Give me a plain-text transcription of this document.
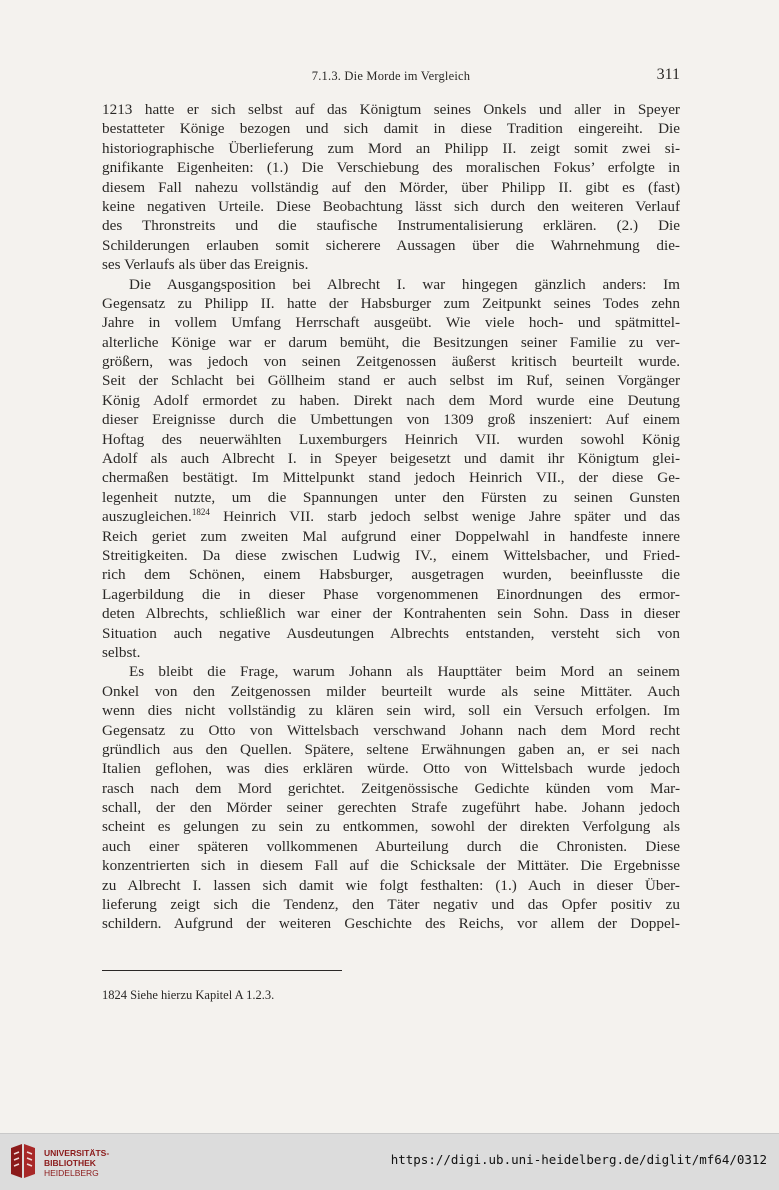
7.1.3. Die Morde im Vergleich	311
1213 hatte er sich selbst auf das Königtum seines Onkels und aller in Speyer
bestatteter Könige bezogen und sich damit in diese Tradition eingereiht. Die
historiographische Überlieferung zum Mord an Philipp II. zeigt somit zwei si-
gnifikante Eigenheiten: (1.) Die Verschiebung des moralischen Fokus’ erfolgte in
diesem Fall nahezu vollständig auf den Mörder, über Philipp II. gibt es (fast)
keine negativen Urteile. Diese Beobachtung lässt sich durch den weiteren Verlauf
des Thronstreits und die staufische Instrumentalisierung erklären. (2.) Die
Schilderungen erlauben somit sicherere Aussagen über die Wahrnehmung die-
ses Verlaufs als über das Ereignis.
Die Ausgangsposition bei Albrecht I. war hingegen gänzlich anders: Im
Gegensatz zu Philipp II. hatte der Habsburger zum Zeitpunkt seines Todes zehn
Jahre in vollem Umfang Herrschaft ausgeübt. Wie viele hoch- und spätmittel-
alterliche Könige war er darum bemüht, die Besitzungen seiner Familie zu ver-
größern, was jedoch von seinen Zeitgenossen äußerst kritisch beurteilt wurde.
Seit der Schlacht bei Göllheim stand er auch selbst im Ruf, seinen Vorgänger
König Adolf ermordet zu haben. Direkt nach dem Mord wurde eine Deutung
dieser Ereignisse durch die Umbettungen von 1309 groß inszeniert: Auf einem
Hoftag des neuerwählten Luxemburgers Heinrich VII. wurden sowohl König
Adolf als auch Albrecht I. in Speyer beigesetzt und damit ihr Königtum glei-
chermaßen bestätigt. Im Mittelpunkt stand jedoch Heinrich VII., der diese Ge-
legenheit nutzte, um die Spannungen unter den Fürsten zu seinen Gunsten
auszugleichen.$^{1824}$ Heinrich VII. starb jedoch selbst wenige Jahre später und das
Reich geriet zum zweiten Mal aufgrund einer Doppelwahl in handfeste innere
Streitigkeiten. Da diese zwischen Ludwig IV., einem Wittelsbacher, und Fried-
rich dem Schönen, einem Habsburger, ausgetragen wurden, beeinflusste die
Lagerbildung die in dieser Phase vorgenommenen Einordnungen des ermor-
deten Albrechts, schließlich war einer der Kontrahenten sein Sohn. Dass in dieser
Situation auch negative Ausdeutungen Albrechts entstanden, versteht sich von
selbst.
Es bleibt die Frage, warum Johann als Haupttäter beim Mord an seinem
Onkel von den Zeitgenossen milder beurteilt wurde als seine Mittäter. Auch
wenn dies nicht vollständig zu klären sein wird, soll ein Versuch erfolgen. Im
Gegensatz zu Otto von Wittelsbach verschwand Johann nach dem Mord recht
gründlich aus den Quellen. Spätere, seltene Erwähnungen gaben an, er sei nach
Italien geflohen, was dies erklären würde. Otto von Wittelsbach wurde jedoch
rasch nach dem Mord gerichtet. Zeitgenössische Gedichte künden vom Mar-
schall, der den Mörder seiner gerechten Strafe zugeführt habe. Johann jedoch
scheint es gelungen zu sein zu entkommen, sowohl der direkten Verfolgung als
auch einer späteren vollkommenen Aburteilung durch die Chronisten. Diese
konzentrierten sich in diesem Fall auf die Schicksale der Mittäter. Die Ergebnisse
zu Albrecht I. lassen sich damit wie folgt festhalten: (1.) Auch in dieser Über-
lieferung zeigt sich die Tendenz, den Täter negativ und das Opfer positiv zu
schildern. Aufgrund der weiteren Geschichte des Reichs, vor allem der Doppel-
1824 Siehe hierzu Kapitel A 1.2.3.
UNIVERSITÄTS-
BIBLIOTHEK
HEIDELBERG
https://digi.ub.uni-heidelberg.de/diglit/mf64/0312
